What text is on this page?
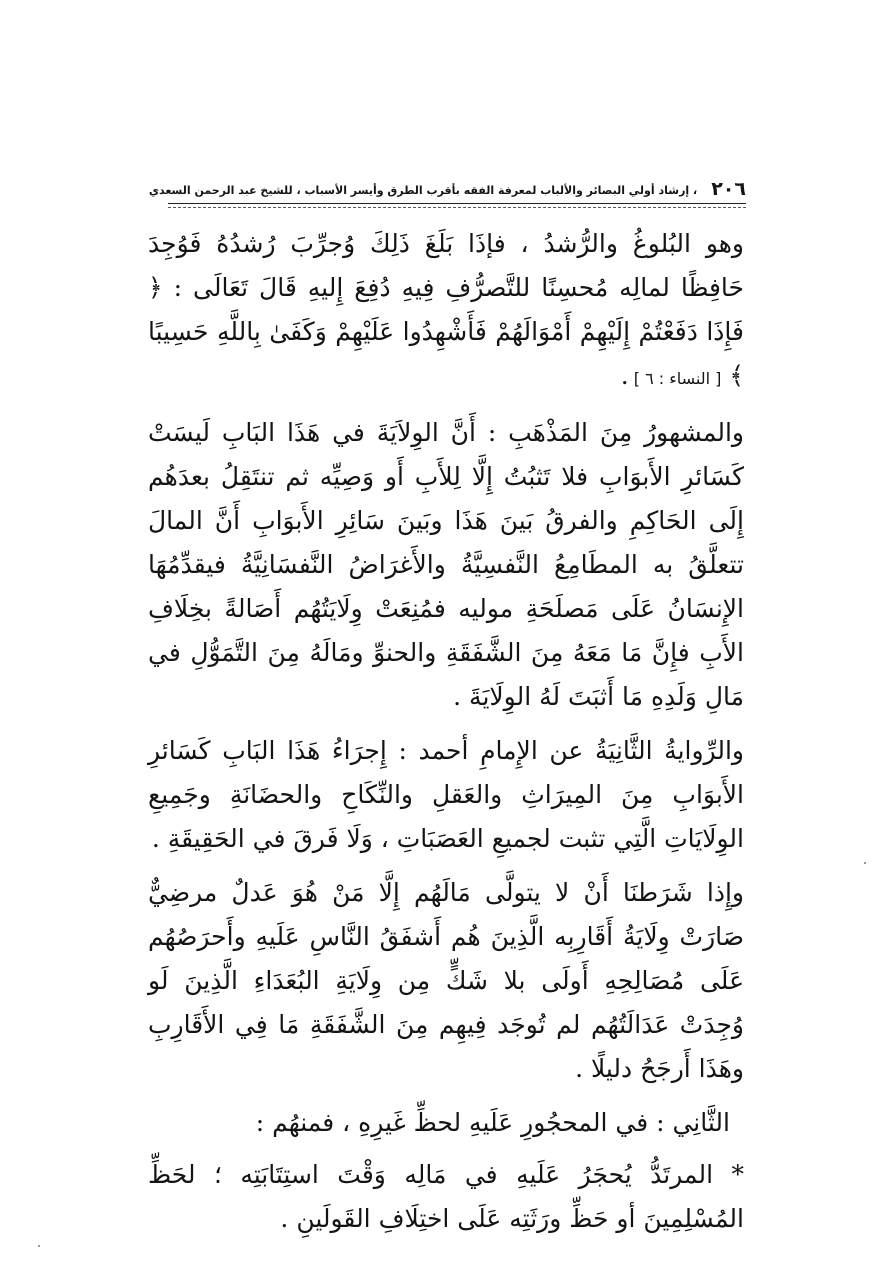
٢٠٦
، إرشاد أولي البصائر والألباب لمعرفة الفقه بأقرب الطرق وأيسر الأسباب ، للشيخ عبد الرحمن السعدي

وهو البُلوغُ والرُّشدُ ، فإذَا بَلَغَ ذَلِكَ وُجرِّبَ رُشدُهُ فَوُجِدَ حَافِظًا لمالِه مُحسِنًا للتَّصرُّفِ فِيهِ دُفِعَ إِليهِ قَالَ تَعَالَى : ﴿ فَإِذَا دَفَعْتُمْ إِلَيْهِمْ أَمْوَالَهُمْ فَأَشْهِدُوا عَلَيْهِمْ وَكَفَىٰ بِاللَّهِ حَسِيبًا ﴾ [ النساء : ٦ ] .

والمشهورُ مِنَ المَذْهَبِ : أَنَّ الوِلاَيَةَ في هَذَا البَابِ لَيسَتْ كَسَائرِ الأَبوَابِ فلا تَثبُتُ إِلَّا لِلأَبِ أَو وَصِيِّه ثم تنتَقِلُ بعدَهُم إِلَى الحَاكِمِ والفرقُ بَينَ هَذَا وبَينَ سَائِرِ الأَبوَابِ أَنَّ المالَ تتعلَّقُ به المطَامِعُ النَّفسِيَّةُ والأَغرَاضُ النَّفسَانِيَّةُ فيقدِّمُهَا الإِنسَانُ عَلَى مَصلَحَةِ موليه فمُنِعَتْ وِلَايَتُهُم أَصَالةً بخِلَافِ الأَبِ فإِنَّ مَا مَعَهُ مِنَ الشَّفَقَةِ والحنوِّ ومَالَهُ مِنَ التَّمَوُّلِ في مَالِ وَلَدِهِ مَا أَثبَتَ لَهُ الوِلَايَةَ .

والرِّوايةُ الثَّانِيَةُ عن الإِمامِ أحمد : إِجرَاءُ هَذَا البَابِ كَسَائرِ الأَبوَابِ مِنَ المِيرَاثِ والعَقلِ والنِّكَاحِ والحضَانَةِ وجَمِيعِ الوِلَايَاتِ الَّتِي تثبت لجميعِ العَصَبَاتِ ، وَلَا فَرقَ في الحَقِيقَةِ .

وإِذا شَرَطنَا أَنْ لا يتولَّى مَالَهُم إِلَّا مَنْ هُوَ عَدلٌ مرضِيٌّ صَارَتْ وِلَايَةُ أَقَارِبِه الَّذِينَ هُم أَشفَقُ النَّاسِ عَلَيهِ وأَحرَصُهُم عَلَى مُصَالِحِهِ أَولَى بلا شَكٍّ مِن وِلَايَةِ البُعَدَاءِ الَّذِينَ لَو وُجِدَتْ عَدَالَتُهُم لم تُوجَد فِيهِم مِنَ الشَّفَقَةِ مَا فِي الأَقَارِبِ وهَذَا أَرجَحُ دليلًا .

الثَّانِي : في المحجُورِ عَلَيهِ لحظِّ غَيرِهِ ، فمنهُم :

* المرتَدُّ يُحجَرُ عَلَيهِ في مَالِه وَقْتَ استِتَابَتِه ؛ لحَظِّ المُسْلِمِينَ أو حَظِّ ورَثَتِه عَلَى اختِلَافِ القَولَينِ .
